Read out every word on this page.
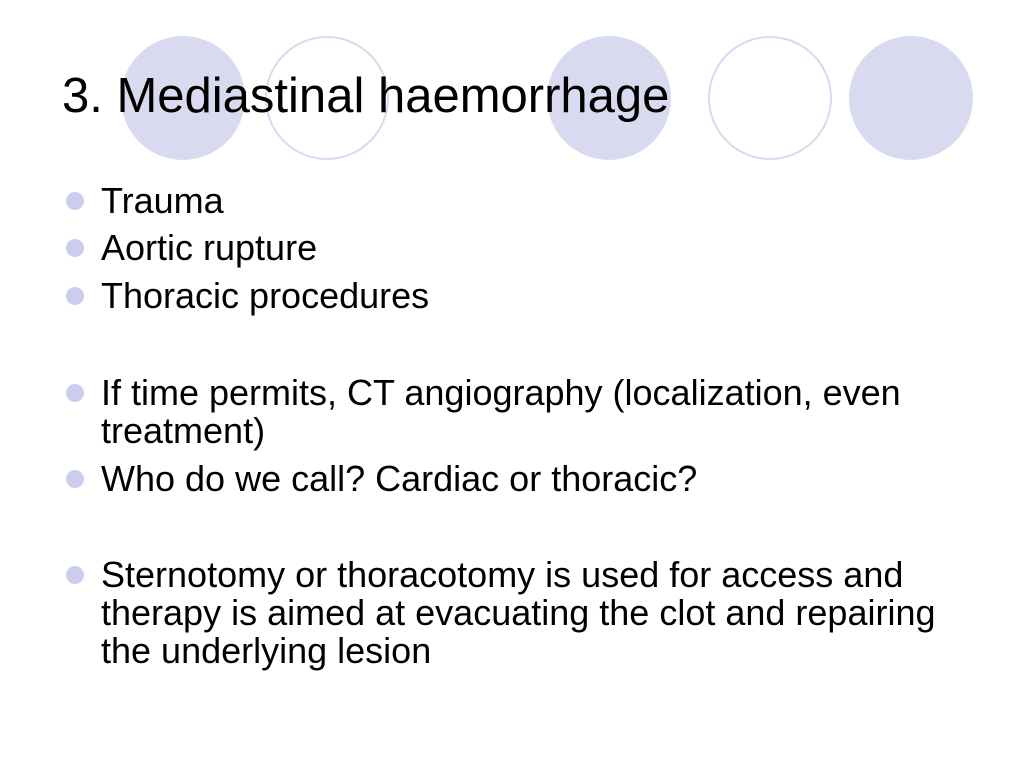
3. Mediastinal haemorrhage
Trauma
Aortic rupture
Thoracic procedures
If time permits, CT angiography (localization, even treatment)
Who do we call? Cardiac or thoracic?
Sternotomy or thoracotomy is used for access and therapy is aimed at evacuating the clot and repairing the underlying lesion
